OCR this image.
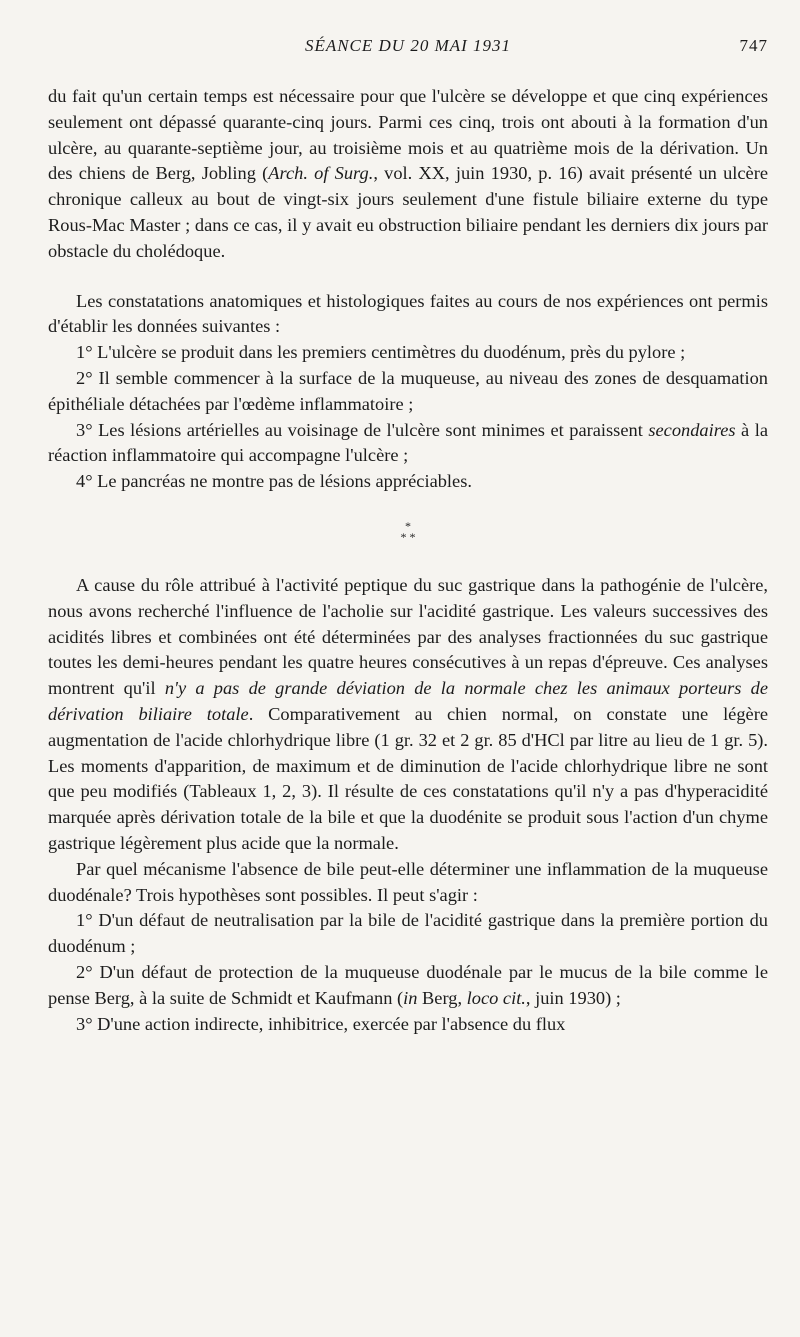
SÉANCE DU 20 MAI 1931	747

du fait qu'un certain temps est nécessaire pour que l'ulcère se développe et que cinq expériences seulement ont dépassé quarante-cinq jours. Parmi ces cinq, trois ont abouti à la formation d'un ulcère, au quarante-septième jour, au troisième mois et au quatrième mois de la dérivation. Un des chiens de Berg, Jobling (Arch. of Surg., vol. XX, juin 1930, p. 16) avait présenté un ulcère chronique calleux au bout de vingt-six jours seulement d'une fistule biliaire externe du type Rous-Mac Master ; dans ce cas, il y avait eu obstruction biliaire pendant les derniers dix jours par obstacle du cholédoque.

Les constatations anatomiques et histologiques faites au cours de nos expériences ont permis d'établir les données suivantes :

1° L'ulcère se produit dans les premiers centimètres du duodénum, près du pylore ;

2° Il semble commencer à la surface de la muqueuse, au niveau des zones de desquamation épithéliale détachées par l'œdème inflammatoire ;

3° Les lésions artérielles au voisinage de l'ulcère sont minimes et paraissent secondaires à la réaction inflammatoire qui accompagne l'ulcère ;

4° Le pancréas ne montre pas de lésions appréciables.

*
* *

A cause du rôle attribué à l'activité peptique du suc gastrique dans la pathogénie de l'ulcère, nous avons recherché l'influence de l'acholie sur l'acidité gastrique. Les valeurs successives des acidités libres et combinées ont été déterminées par des analyses fractionnées du suc gastrique toutes les demi-heures pendant les quatre heures consécutives à un repas d'épreuve. Ces analyses montrent qu'il n'y a pas de grande déviation de la normale chez les animaux porteurs de dérivation biliaire totale. Comparativement au chien normal, on constate une légère augmentation de l'acide chlorhydrique libre (1 gr. 32 et 2 gr. 85 d'HCl par litre au lieu de 1 gr. 5). Les moments d'apparition, de maximum et de diminution de l'acide chlorhydrique libre ne sont que peu modifiés (Tableaux 1, 2, 3). Il résulte de ces constatations qu'il n'y a pas d'hyperacidité marquée après dérivation totale de la bile et que la duodénite se produit sous l'action d'un chyme gastrique légèrement plus acide que la normale.

Par quel mécanisme l'absence de bile peut-elle déterminer une inflammation de la muqueuse duodénale? Trois hypothèses sont possibles. Il peut s'agir :

1° D'un défaut de neutralisation par la bile de l'acidité gastrique dans la première portion du duodénum ;

2° D'un défaut de protection de la muqueuse duodénale par le mucus de la bile comme le pense Berg, à la suite de Schmidt et Kaufmann (in Berg, loco cit., juin 1930) ;

3° D'une action indirecte, inhibitrice, exercée par l'absence du flux
